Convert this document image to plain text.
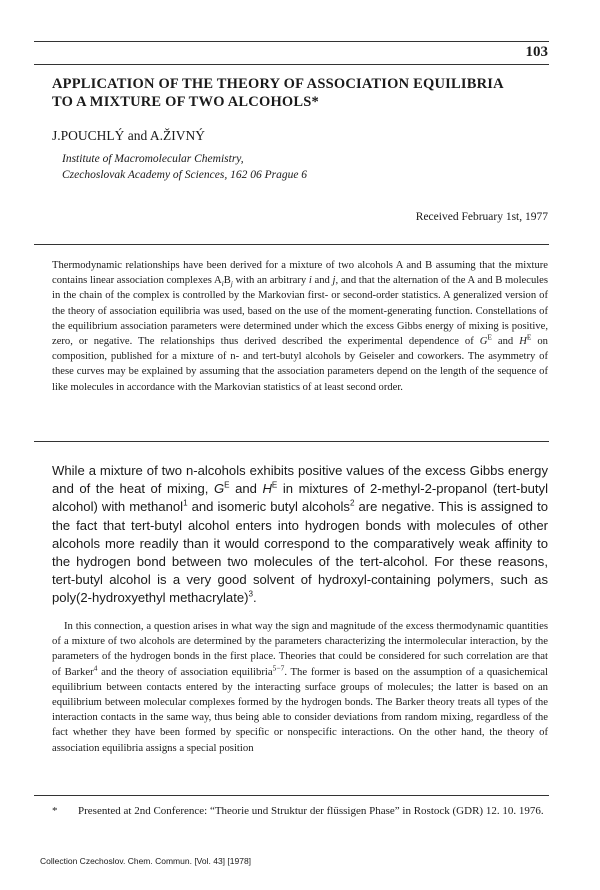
103
APPLICATION OF THE THEORY OF ASSOCIATION EQUILIBRIA
TO A MIXTURE OF TWO ALCOHOLS*
J.POUCHLÝ and A.ŽIVNÝ
Institute of Macromolecular Chemistry,
Czechoslovak Academy of Sciences, 162 06 Prague 6
Received February 1st, 1977
Thermodynamic relationships have been derived for a mixture of two alcohols A and B assuming that the mixture contains linear association complexes $A_iB_j$ with an arbitrary i and j, and that the alternation of the A and B molecules in the chain of the complex is controlled by the Markovian first- or second-order statistics. A generalized version of the theory of association equilibria was used, based on the use of the moment-generating function. Constellations of the equilibrium association parameters were determined under which the excess Gibbs energy of mixing is positive, zero, or negative. The relationships thus derived described the experimental dependence of $G^E$ and $H^E$ on composition, published for a mixture of n- and tert-butyl alcohols by Geiseler and coworkers. The asymmetry of these curves may be explained by assuming that the association parameters depend on the length of the sequence of like molecules in accordance with the Markovian statistics of at least second order.
While a mixture of two n-alcohols exhibits positive values of the excess Gibbs energy and of the heat of mixing, $G^E$ and $H^E$ in mixtures of 2-methyl-2-propanol (tert-butyl alcohol) with methanol$^1$ and isomeric butyl alcohols$^2$ are negative. This is assigned to the fact that tert-butyl alcohol enters into hydrogen bonds with molecules of other alcohols more readily than it would correspond to the comparatively weak affinity to the hydrogen bond between two molecules of the tert-alcohol. For these reasons, tert-butyl alcohol is a very good solvent of hydroxyl-containing polymers, such as poly(2-hydroxyethyl methacrylate)$^3$.
In this connection, a question arises in what way the sign and magnitude of the excess thermodynamic quantities of a mixture of two alcohols are determined by the parameters characterizing the intermolecular interaction, by the parameters of the hydrogen bonds in the first place. Theories that could be considered for such correlation are that of Barker$^4$ and the theory of association equilibria$^{5-7}$. The former is based on the assumption of a quasichemical equilibrium between contacts entered by the interacting surface groups of molecules; the latter is based on an equilibrium between molecular complexes formed by the hydrogen bonds. The Barker theory treats all types of the interaction contacts in the same way, thus being able to consider deviations from random mixing, regardless of the fact whether they have been formed by specific or nonspecific interactions. On the other hand, the theory of association equilibria assigns a special position
* Presented at 2nd Conference: “Theorie und Struktur der flüssigen Phase” in Rostock (GDR) 12. 10. 1976.
Collection Czechoslov. Chem. Commun. [Vol. 43] [1978]
